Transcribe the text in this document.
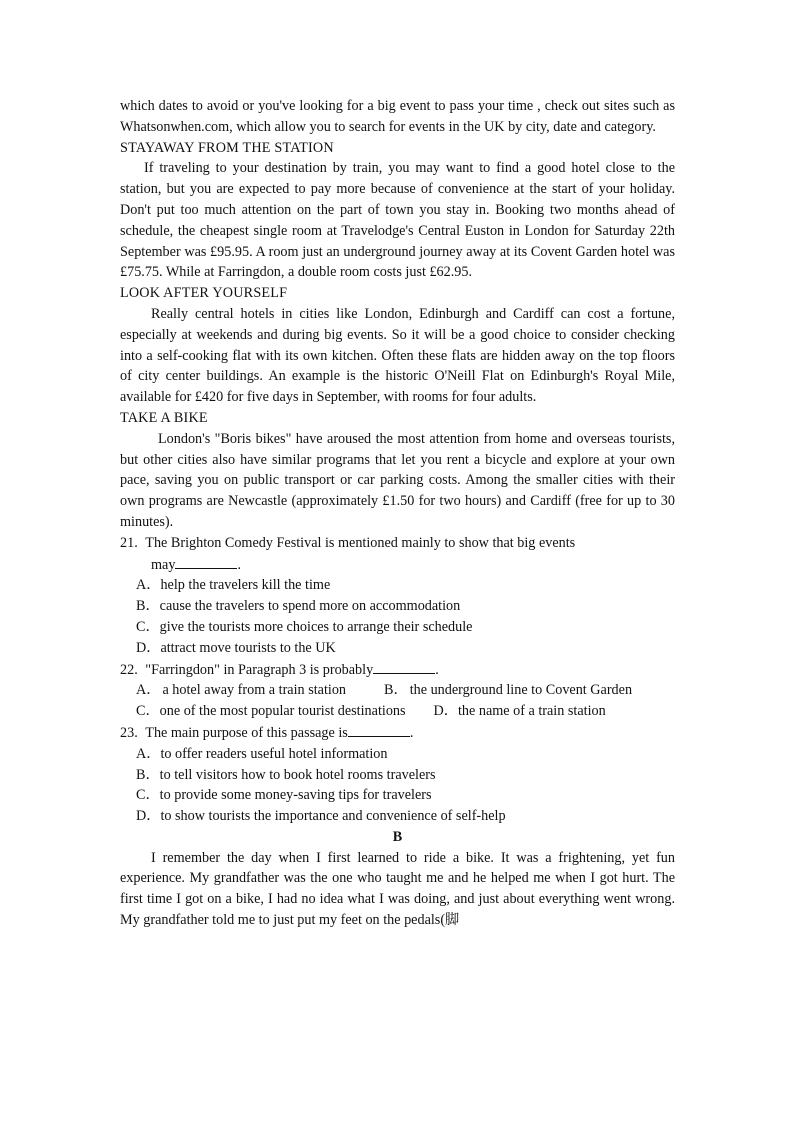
which dates to avoid or you've looking for a big event to pass your time , check out sites such as Whatsonwhen.com, which allow you to search for events in the UK by city, date and category.

STAYAWAY FROM THE STATION

If traveling to your destination by train, you may want to find a good hotel close to the station, but you are expected to pay more because of convenience at the start of your holiday. Don't put too much attention on the part of town you stay in. Booking two months ahead of schedule, the cheapest single room at Travelodge's Central Euston in London for Saturday 22th September was £95.95. A room just an underground journey away at its Covent Garden hotel was £75.75. While at Farringdon, a double room costs just £62.95.

LOOK AFTER YOURSELF

Really central hotels in cities like London, Edinburgh and Cardiff can cost a fortune, especially at weekends and during big events. So it will be a good choice to consider checking into a self-cooking flat with its own kitchen. Often these flats are hidden away on the top floors of city center buildings. An example is the historic O'Neill Flat on Edinburgh's Royal Mile, available for £420 for five days in September, with rooms for four adults.

TAKE A BIKE

London's "Boris bikes" have aroused the most attention from home and overseas tourists, but other cities also have similar programs that let you rent a bicycle and explore at your own pace, saving you on public transport or car parking costs. Among the smaller cities with their own programs are Newcastle (approximately £1.50 for two hours) and Cardiff (free for up to 30 minutes).

21. The Brighton Comedy Festival is mentioned mainly to show that big events

may	.

A．help the travelers kill the time

B．cause the travelers to spend more on accommodation

C．give the tourists more choices to arrange their schedule

D．attract move tourists to the UK

22. "Farringdon" in Paragraph 3 is probably	.

A． a hotel away from a train station	B． the underground line to Covent Garden

C．one of the most popular tourist destinations D．the name of a train station

23. The main purpose of this passage is	.

A．to offer readers useful hotel information

B．to tell visitors how to book hotel rooms travelers

C．to provide some money-saving tips for travelers

D．to show tourists the importance and convenience of self-help

B

I remember the day when I first learned to ride a bike. It was a frightening, yet fun experience. My grandfather was the one who taught me and he helped me when I got hurt. The first time I got on a bike, I had no idea what I was doing, and just about everything went wrong. My grandfather told me to just put my feet on the pedals(脚
